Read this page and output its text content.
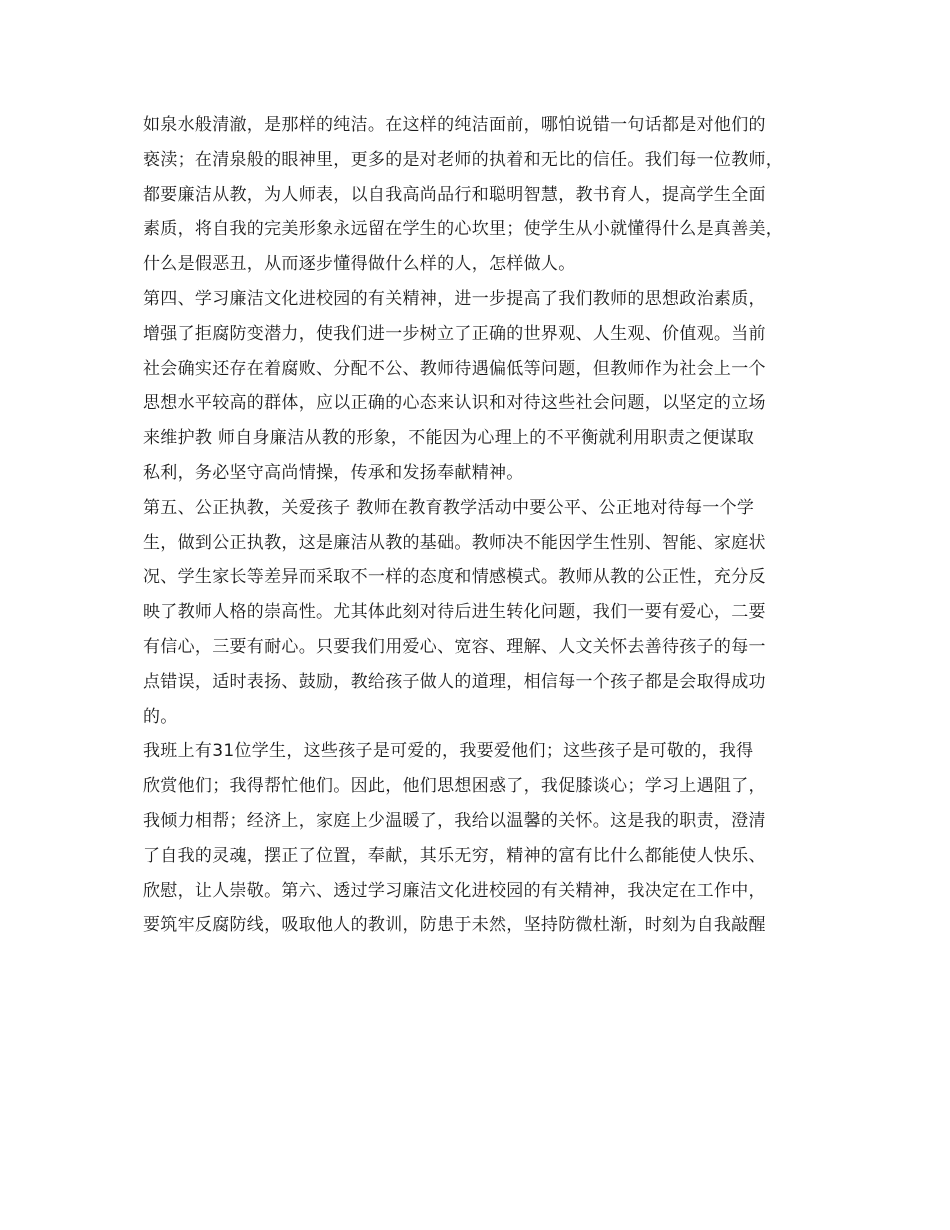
如泉水般清澈，是那样的纯洁。在这样的纯洁面前，哪怕说错一句话都是对他们的
亵渎；在清泉般的眼神里，更多的是对老师的执着和无比的信任。我们每一位教师，
都要廉洁从教，为人师表，以自我高尚品行和聪明智慧，教书育人，提高学生全面
素质，将自我的完美形象永远留在学生的心坎里；使学生从小就懂得什么是真善美，
什么是假恶丑，从而逐步懂得做什么样的人，怎样做人。
第四、学习廉洁文化进校园的有关精神，进一步提高了我们教师的思想政治素质，
增强了拒腐防变潜力，使我们进一步树立了正确的世界观、人生观、价值观。当前
社会确实还存在着腐败、分配不公、教师待遇偏低等问题，但教师作为社会上一个
思想水平较高的群体，应以正确的心态来认识和对待这些社会问题，以坚定的立场
来维护教 师自身廉洁从教的形象，不能因为心理上的不平衡就利用职责之便谋取
私利，务必坚守高尚情操，传承和发扬奉献精神。
第五、公正执教，关爱孩子 教师在教育教学活动中要公平、公正地对待每一个学
生，做到公正执教，这是廉洁从教的基础。教师决不能因学生性别、智能、家庭状
况、学生家长等差异而采取不一样的态度和情感模式。教师从教的公正性，充分反
映了教师人格的崇高性。尤其体此刻对待后进生转化问题，我们一要有爱心，二要
有信心，三要有耐心。只要我们用爱心、宽容、理解、人文关怀去善待孩子的每一
点错误，适时表扬、鼓励，教给孩子做人的道理，相信每一个孩子都是会取得成功
的。
我班上有31位学生，这些孩子是可爱的，我要爱他们；这些孩子是可敬的，我得
欣赏他们；我得帮忙他们。因此，他们思想困惑了，我促膝谈心；学习上遇阻了，
我倾力相帮；经济上，家庭上少温暖了，我给以温馨的关怀。这是我的职责，澄清
了自我的灵魂，摆正了位置，奉献，其乐无穷，精神的富有比什么都能使人快乐、
欣慰，让人崇敬。第六、透过学习廉洁文化进校园的有关精神，我决定在工作中，
要筑牢反腐防线，吸取他人的教训，防患于未然，坚持防微杜渐，时刻为自我敲醒
